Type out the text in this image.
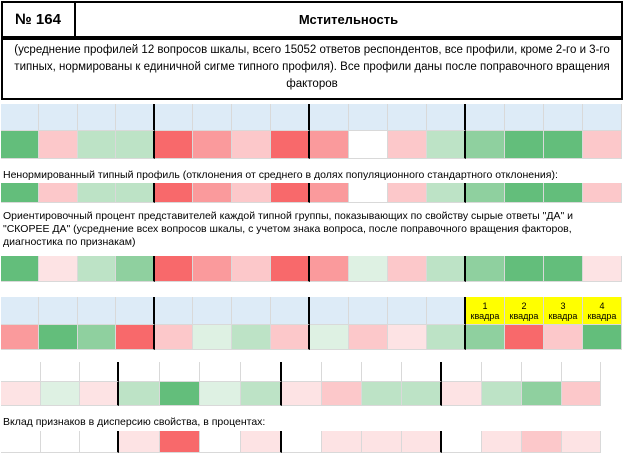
№ 164	Мстительность
(усреднение профилей 12 вопросов шкалы, всего 15052 ответов респондентов, все профили, кроме 2-го и 3-го типных, нормированы к единичной сигме типного профиля). Все профили даны после поправочного вращения факторов
Ненормированный типный профиль (отклонения от среднего в долях популяционного стандартного отклонения):
Ориентировочный процент представителей каждой типной группы, показывающих по свойству сырые ответы "ДА" и "СКОРЕЕ ДА" (усреднение всех вопросов шкалы, с учетом знака вопроса, после поправочного вращения факторов, диагностика по признакам)
1
квадра
2
квадра
3
квадра
4
квадра
Вклад признаков в дисперсию свойства, в процентах:
